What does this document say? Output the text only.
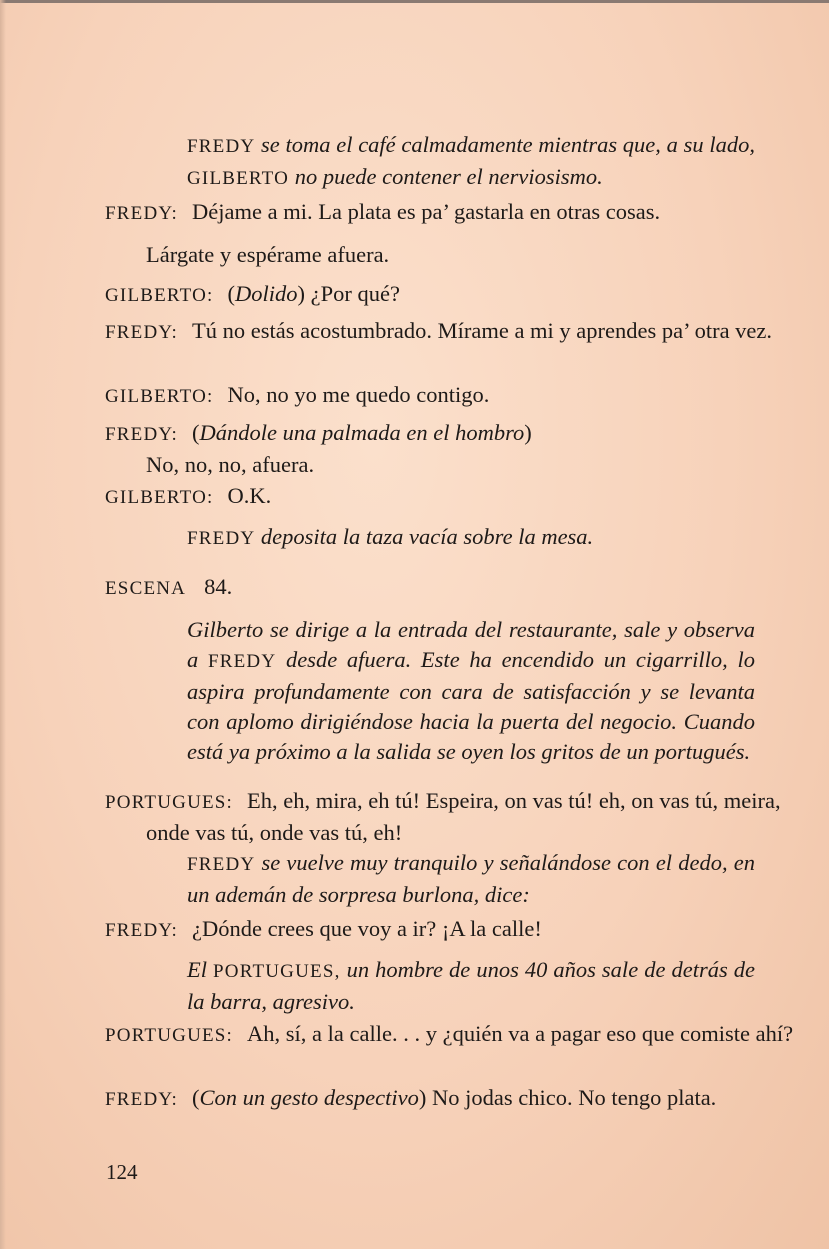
FREDY se toma el café calmadamente mientras que, a su lado, GILBERTO no puede contener el nerviosismo.

FREDY: Déjame a mi. La plata es pa’ gastarla en otras cosas.

Lárgate y espérame afuera.

GILBERTO: (Dolido) ¿Por qué?

FREDY: Tú no estás acostumbrado. Mírame a mi y aprendes pa’ otra vez.

GILBERTO: No, no yo me quedo contigo.

FREDY: (Dándole una palmada en el hombro)
No, no, no, afuera.

GILBERTO: O.K.

FREDY deposita la taza vacía sobre la mesa.

ESCENA 84.

Gilberto se dirige a la entrada del restaurante, sale y observa a FREDY desde afuera. Este ha encendido un cigarrillo, lo aspira profundamente con cara de satisfacción y se levanta con aplomo dirigiéndose hacia la puerta del negocio. Cuando está ya próximo a la salida se oyen los gritos de un portugués.

PORTUGUES: Eh, eh, mira, eh tú! Espeira, on vas tú! eh, on vas tú, meira, onde vas tú, onde vas tú, eh!

FREDY se vuelve muy tranquilo y señalándose con el dedo, en un ademán de sorpresa burlona, dice:

FREDY: ¿Dónde crees que voy a ir? ¡A la calle!

El PORTUGUES, un hombre de unos 40 años sale de detrás de la barra, agresivo.

PORTUGUES: Ah, sí, a la calle. . . y ¿quién va a pagar eso que comiste ahí?

FREDY: (Con un gesto despectivo) No jodas chico. No tengo plata.

124
